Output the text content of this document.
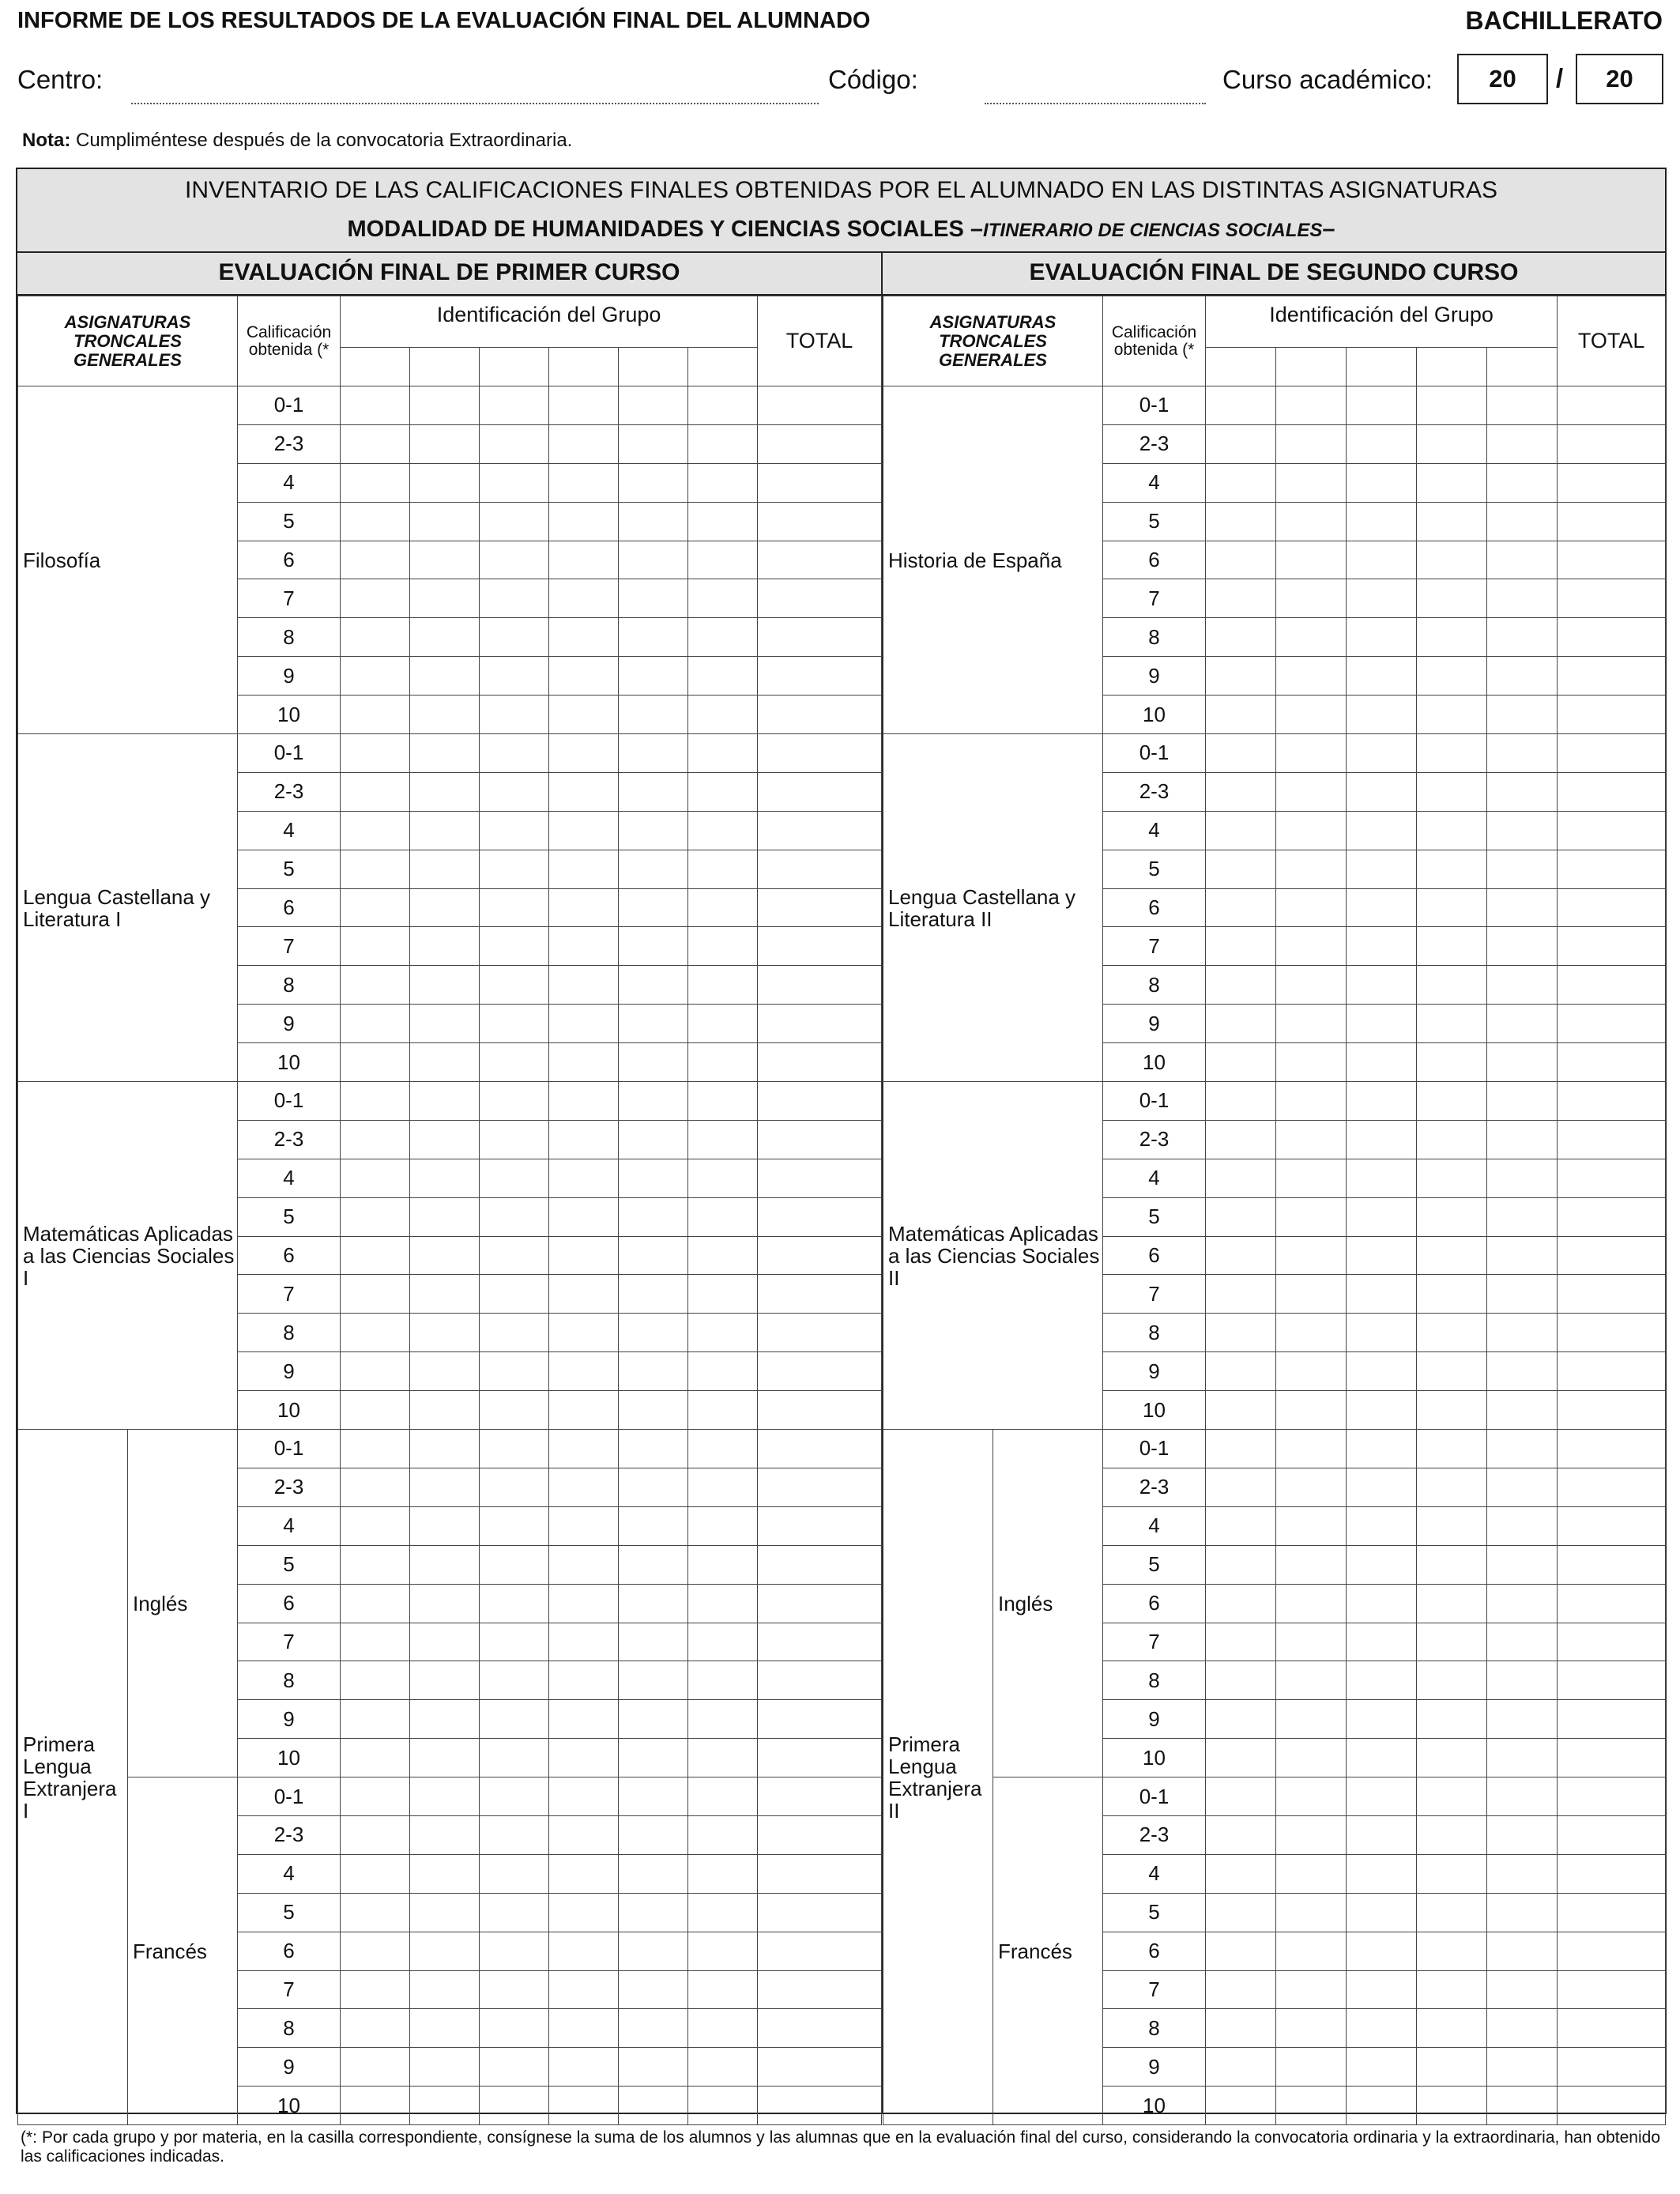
INFORME DE LOS RESULTADOS DE LA EVALUACIÓN FINAL DEL ALUMNADO	BACHILLERATO
Centro:	Código:	Curso académico:	20	/	20
Nota: Cumpliméntese después de la convocatoria Extraordinaria.
INVENTARIO DE LAS CALIFICACIONES FINALES OBTENIDAS POR EL ALUMNADO EN LAS DISTINTAS ASIGNATURAS
MODALIDAD DE HUMANIDADES Y CIENCIAS SOCIALES –ITINERARIO DE CIENCIAS SOCIALES–
EVALUACIÓN FINAL DE PRIMER CURSO	EVALUACIÓN FINAL DE SEGUNDO CURSO
ASIGNATURAS TRONCALES GENERALES		Calificación obtenida (*	Identificación del Grupo						TOTAL

Filosofía		0-1							
		2-3							
		4							
		5							
		6							
		7							
		8							
		9							
		10							
Lengua Castellana y Literatura I		0-1							
		2-3							
		4							
		5							
		6							
		7							
		8							
		9							
		10							
Matemáticas Aplicadas a las Ciencias Sociales I		0-1							
		2-3							
		4							
		5							
		6							
		7							
		8							
		9							
		10							
Primera Lengua Extranjera I	Inglés	0-1							
		2-3							
		4							
		5							
		6							
		7							
		8							
		9							
		10							
	Francés	0-1							
		2-3							
		4							
		5							
		6							
		7							
		8							
		9							
		10							
ASIGNATURAS TRONCALES GENERALES		Calificación obtenida (*	Identificación del Grupo					TOTAL

Historia de España		0-1						
		2-3						
		4						
		5						
		6						
		7						
		8						
		9						
		10						
Lengua Castellana y Literatura II		0-1						
		2-3						
		4						
		5						
		6						
		7						
		8						
		9						
		10						
Matemáticas Aplicadas a las Ciencias Sociales II		0-1						
		2-3						
		4						
		5						
		6						
		7						
		8						
		9						
		10						
Primera Lengua Extranjera II	Inglés	0-1						
		2-3						
		4						
		5						
		6						
		7						
		8						
		9						
		10						
	Francés	0-1						
		2-3						
		4						
		5						
		6						
		7						
		8						
		9						
		10						
(*: Por cada grupo y por materia, en la casilla correspondiente, consígnese la suma de los alumnos y las alumnas que en la evaluación final del curso, considerando la convocatoria ordinaria y la extraordinaria, han obtenido las calificaciones indicadas.
